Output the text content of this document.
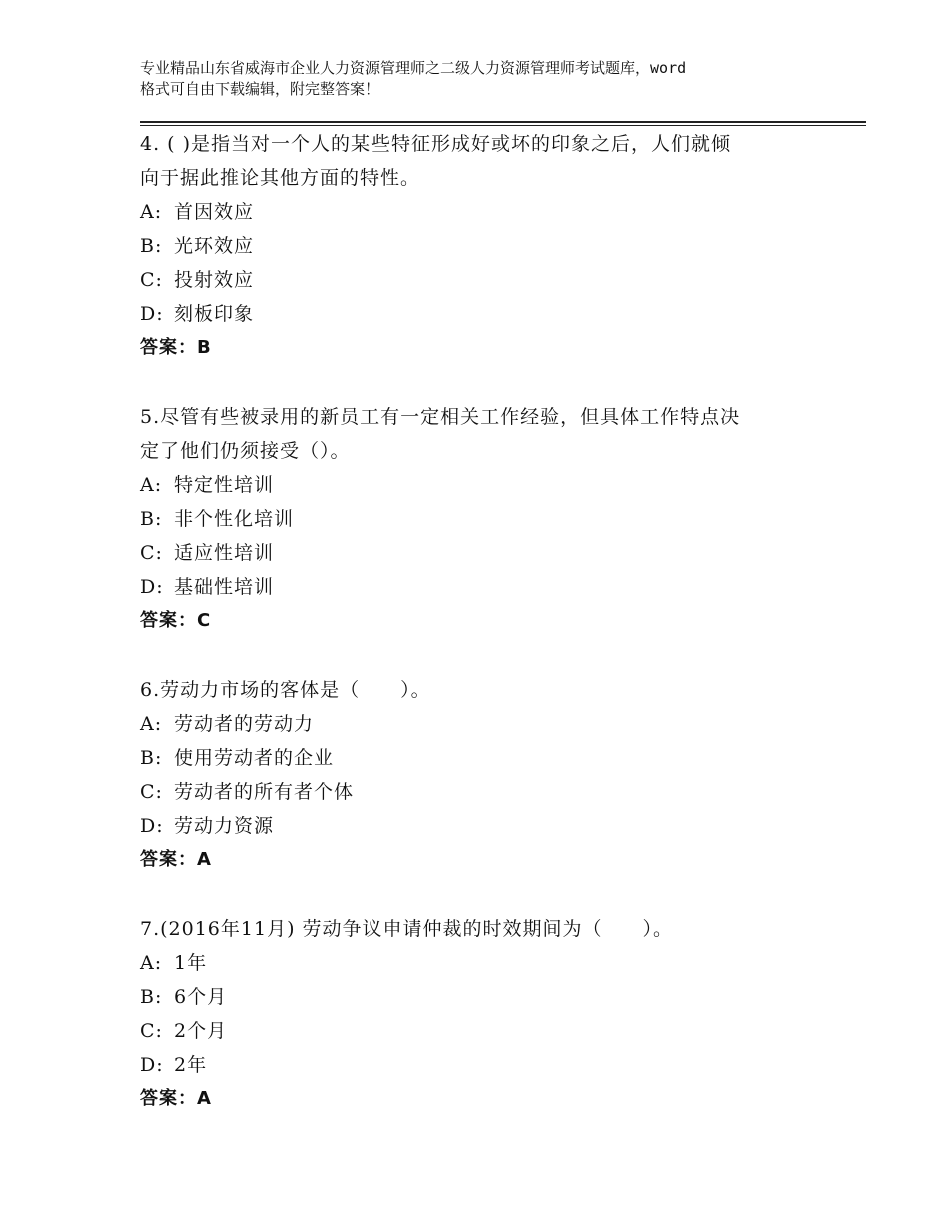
专业精品山东省威海市企业人力资源管理师之二级人力资源管理师考试题库，word
格式可自由下载编辑，附完整答案！
4. ( )是指当对一个人的某些特征形成好或坏的印象之后，人们就倾
向于据此推论其他方面的特性。
A: 首因效应
B: 光环效应
C: 投射效应
D: 刻板印象
答案：B
5.尽管有些被录用的新员工有一定相关工作经验，但具体工作特点决
定了他们仍须接受（）。
A: 特定性培训
B: 非个性化培训
C: 适应性培训
D: 基础性培训
答案：C
6.劳动力市场的客体是（　　）。
A: 劳动者的劳动力
B: 使用劳动者的企业
C: 劳动者的所有者个体
D: 劳动力资源
答案：A
7.(2016年11月) 劳动争议申请仲裁的时效期间为（　　）。
A: 1年
B: 6个月
C: 2个月
D: 2年
答案：A
